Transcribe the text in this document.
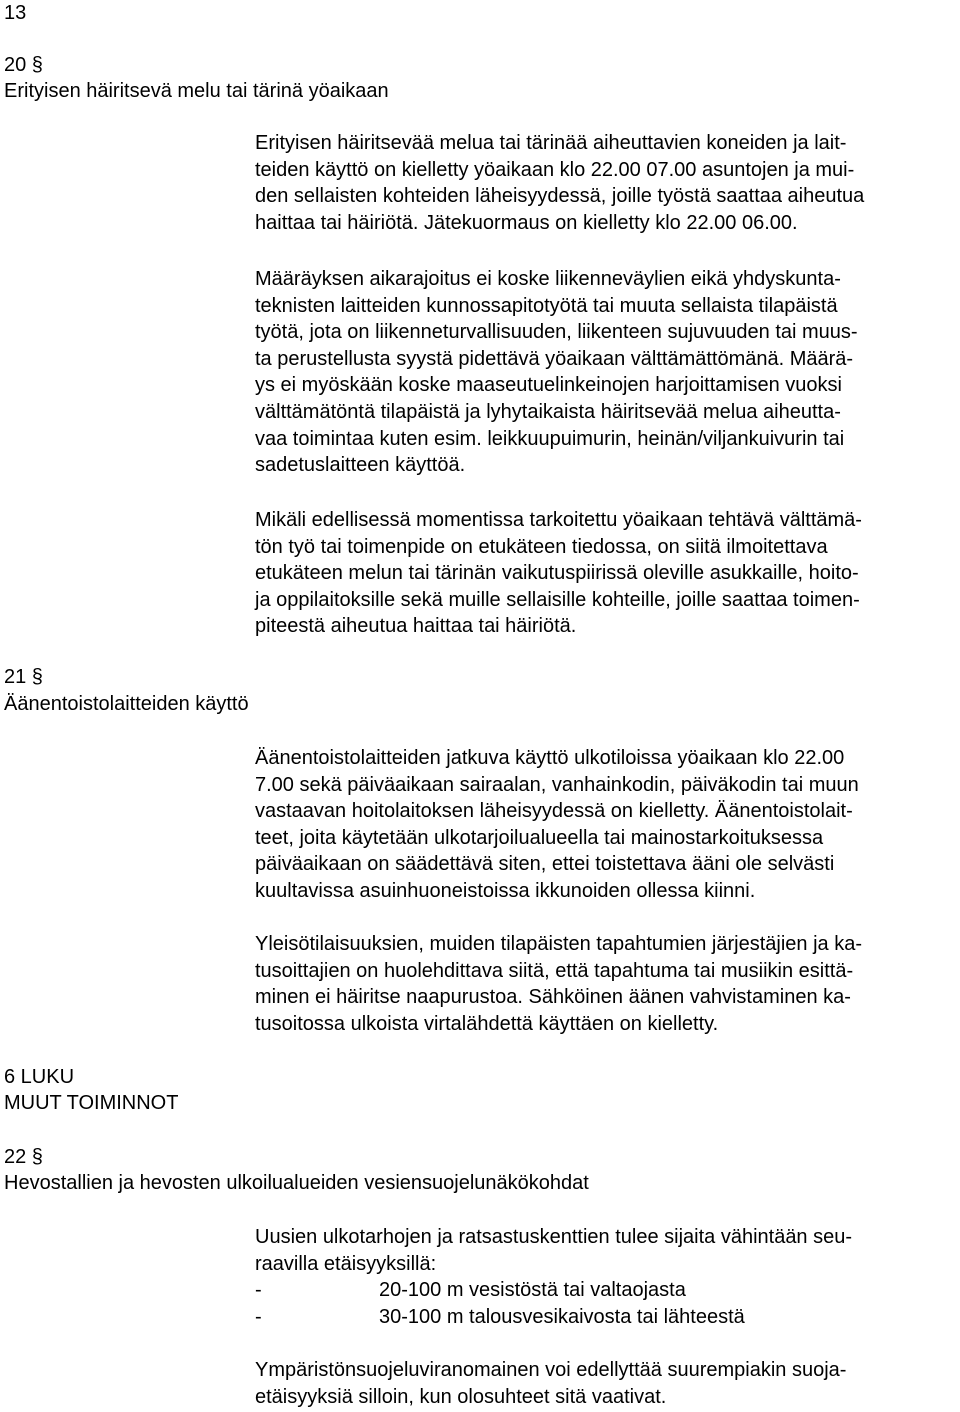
13
20 §
Erityisen häiritsevä melu tai tärinä yöaikaan
Erityisen häiritsevää melua tai tärinää aiheuttavien koneiden ja lait-
teiden käyttö on kielletty yöaikaan klo 22.00 07.00 asuntojen ja mui-
den sellaisten kohteiden läheisyydessä, joille työstä saattaa aiheutua
haittaa tai häiriötä. Jätekuormaus on kielletty klo 22.00 06.00.
Määräyksen aikarajoitus ei koske liikenneväylien eikä yhdyskunta-
teknisten laitteiden kunnossapitotyötä tai muuta sellaista tilapäistä
työtä, jota on liikenneturvallisuuden, liikenteen sujuvuuden tai muus-
ta perustellusta syystä pidettävä yöaikaan välttämättömänä. Määrä-
ys ei myöskään koske maaseutuelinkeinojen harjoittamisen vuoksi
välttämätöntä tilapäistä ja lyhytaikaista häiritsevää melua aiheutta-
vaa toimintaa kuten esim. leikkuupuimurin, heinän/viljankuivurin tai
sadetuslaitteen käyttöä.
Mikäli edellisessä momentissa tarkoitettu yöaikaan tehtävä välttämä-
tön työ tai toimenpide on etukäteen tiedossa, on siitä ilmoitettava
etukäteen melun tai tärinän vaikutuspiirissä oleville asukkaille, hoito-
ja oppilaitoksille sekä muille sellaisille kohteille, joille saattaa toimen-
piteestä aiheutua haittaa tai häiriötä.
21 §
Äänentoistolaitteiden käyttö
Äänentoistolaitteiden jatkuva käyttö ulkotiloissa yöaikaan klo 22.00
7.00 sekä päiväaikaan sairaalan, vanhainkodin, päiväkodin tai muun
vastaavan hoitolaitoksen läheisyydessä on kielletty. Äänentoistolait-
teet, joita käytetään ulkotarjoilualueella tai mainostarkoituksessa
päiväaikaan on säädettävä siten, ettei toistettava ääni ole selvästi
kuultavissa asuinhuoneistoissa ikkunoiden ollessa kiinni.
Yleisötilaisuuksien, muiden tilapäisten tapahtumien järjestäjien ja ka-
tusoittajien on huolehdittava siitä, että tapahtuma tai musiikin esittä-
minen ei häiritse naapurustoa. Sähköinen äänen vahvistaminen ka-
tusoitossa ulkoista virtalähdettä käyttäen on kielletty.
6 LUKU
MUUT TOIMINNOT
22 §
Hevostallien ja hevosten ulkoilualueiden vesiensuojelunäkökohdat
Uusien ulkotarhojen ja ratsastuskenttien tulee sijaita vähintään seu-
raavilla etäisyyksillä:
-	20-100 m vesistöstä tai valtaojasta
-	30-100 m talousvesikaivosta tai lähteestä
Ympäristönsuojeluviranomainen voi edellyttää suurempiakin suoja-
etäisyyksiä silloin, kun olosuhteet sitä vaativat.
